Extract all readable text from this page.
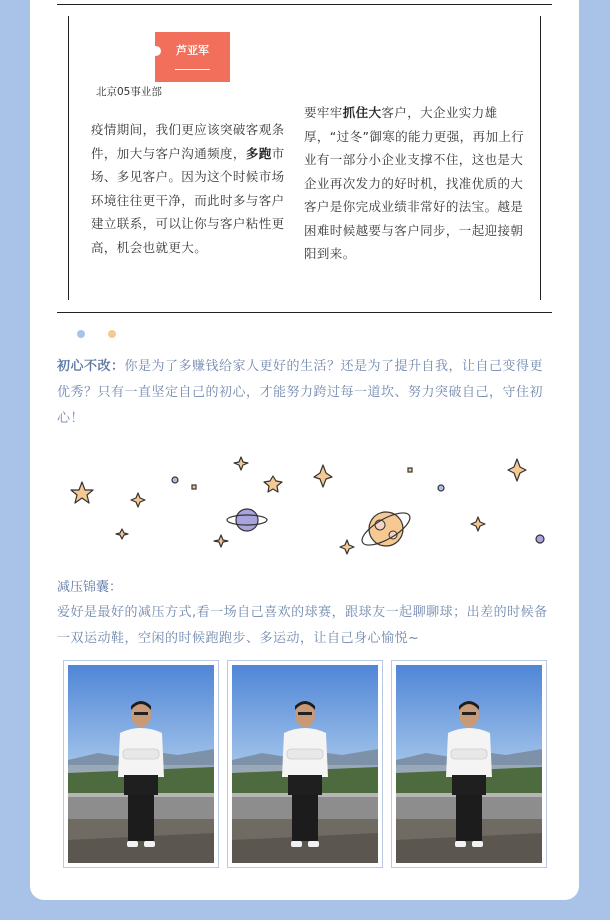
芦亚军
北京05事业部
疫情期间，我们更应该突破客观条件，加大与客户沟通频度，多跑市场、多见客户。因为这个时候市场环境往往更干净，而此时多与客户建立联系，可以让你与客户粘性更高，机会也就更大。
要牢牢抓住大客户，大企业实力雄厚，“过冬”御寒的能力更强，再加上行业有一部分小企业支撑不住，这也是大企业再次发力的好时机，找准优质的大客户是你完成业绩非常好的法宝。越是困难时候越要与客户同步，一起迎接朝阳到来。
初心不改：你是为了多赚钱给家人更好的生活？还是为了提升自我，让自己变得更优秀？只有一直坚定自己的初心，才能努力跨过每一道坎、努力突破自己，守住初心！
减压锦囊：
爱好是最好的减压方式,看一场自己喜欢的球赛，跟球友一起聊聊球；出差的时候备一双运动鞋，空闲的时候跑跑步、多运动，让自己身心愉悦~
